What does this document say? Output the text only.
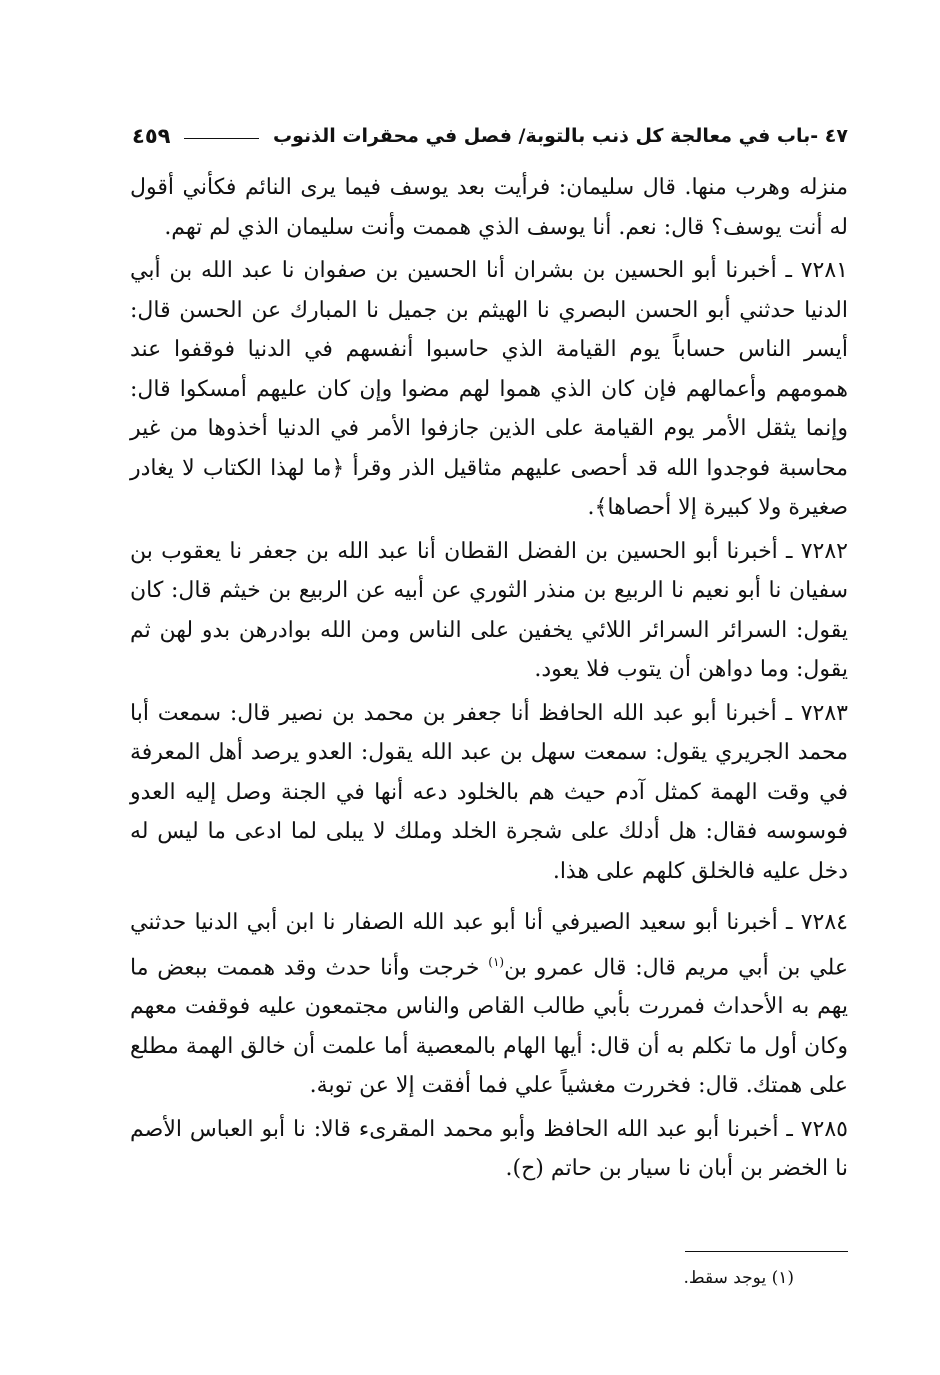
٤٧ -باب في معالجة كل ذنب بالتوبة/ فصل في محقرات الذنوب
٤٥٩

منزله وهرب منها. قال سليمان: فرأيت بعد يوسف فيما يرى النائم فكأني أقول له أنت يوسف؟ قال: نعم. أنا يوسف الذي هممت وأنت سليمان الذي لم تهم.

٧٢٨١ ـ أخبرنا أبو الحسين بن بشران أنا الحسين بن صفوان نا عبد الله بن أبي الدنيا حدثني أبو الحسن البصري نا الهيثم بن جميل نا المبارك عن الحسن قال: أيسر الناس حساباً يوم القيامة الذي حاسبوا أنفسهم في الدنيا فوقفوا عند همومهم وأعمالهم فإن كان الذي هموا لهم مضوا وإن كان عليهم أمسكوا قال: وإنما يثقل الأمر يوم القيامة على الذين جازفوا الأمر في الدنيا أخذوها من غير محاسبة فوجدوا الله قد أحصى عليهم مثاقيل الذر وقرأ ﴿ما لهذا الكتاب لا يغادر صغيرة ولا كبيرة إلا أحصاها﴾.

٧٢٨٢ ـ أخبرنا أبو الحسين بن الفضل القطان أنا عبد الله بن جعفر نا يعقوب بن سفيان نا أبو نعيم نا الربيع بن منذر الثوري عن أبيه عن الربيع بن خيثم قال: كان يقول: السرائر السرائر اللائي يخفين على الناس ومن الله بوادرهن بدو لهن ثم يقول: وما دواهن أن يتوب فلا يعود.

٧٢٨٣ ـ أخبرنا أبو عبد الله الحافظ أنا جعفر بن محمد بن نصير قال: سمعت أبا محمد الجريري يقول: سمعت سهل بن عبد الله يقول: العدو يرصد أهل المعرفة في وقت الهمة كمثل آدم حيث هم بالخلود دعه أنها في الجنة وصل إليه العدو فوسوسه فقال: هل أدلك على شجرة الخلد وملك لا يبلى لما ادعى ما ليس له دخل عليه فالخلق كلهم على هذا.

٧٢٨٤ ـ أخبرنا أبو سعيد الصيرفي أنا أبو عبد الله الصفار نا ابن أبي الدنيا حدثني علي بن أبي مريم قال: قال عمرو بن$^{(١)}$ خرجت وأنا حدث وقد هممت ببعض ما يهم به الأحداث فمررت بأبي طالب القاص والناس مجتمعون عليه فوقفت معهم وكان أول ما تكلم به أن قال: أيها الهام بالمعصية أما علمت أن خالق الهمة مطلع على همتك. قال: فخررت مغشياً علي فما أفقت إلا عن توبة.

٧٢٨٥ ـ أخبرنا أبو عبد الله الحافظ وأبو محمد المقرىء قالا: نا أبو العباس الأصم نا الخضر بن أبان نا سيار بن حاتم (ح).

(١) يوجد سقط.
